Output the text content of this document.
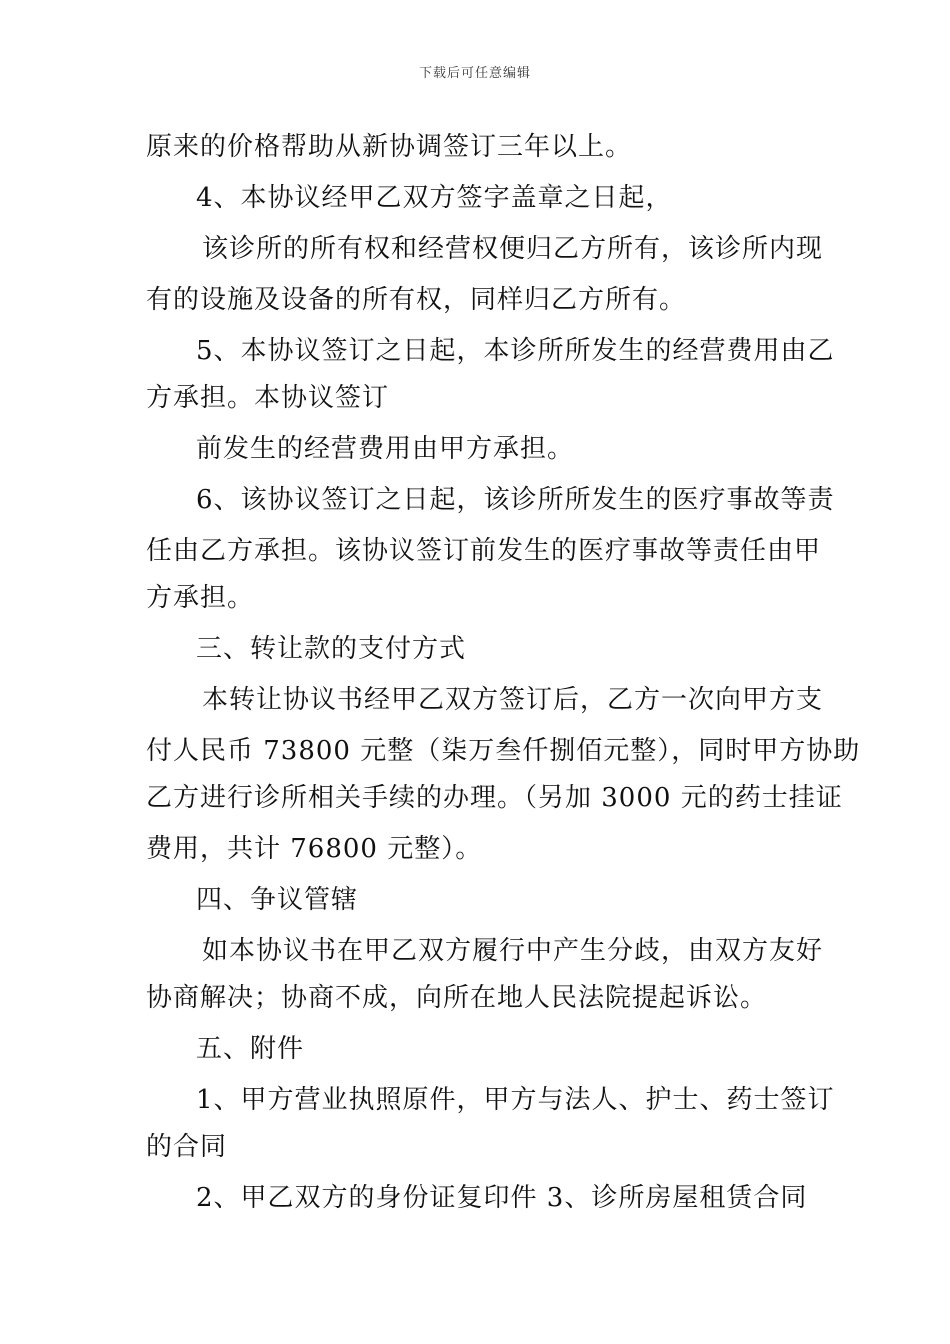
下载后可任意编辑
原来的价格帮助从新协调签订三年以上。
4、本协议经甲乙双方签字盖章之日起，
该诊所的所有权和经营权便归乙方所有，该诊所内现
有的设施及设备的所有权，同样归乙方所有。
5、本协议签订之日起，本诊所所发生的经营费用由乙
方承担。本协议签订
前发生的经营费用由甲方承担。
6、该协议签订之日起，该诊所所发生的医疗事故等责
任由乙方承担。该协议签订前发生的医疗事故等责任由甲
方承担。
三、转让款的支付方式
本转让协议书经甲乙双方签订后，乙方一次向甲方支
付人民币 73800 元整（柒万叁仟捌佰元整），同时甲方协助
乙方进行诊所相关手续的办理。（另加 3000 元的药士挂证
费用，共计 76800 元整）。
四、争议管辖
如本协议书在甲乙双方履行中产生分歧，由双方友好
协商解决；协商不成，向所在地人民法院提起诉讼。
五、附件
1、甲方营业执照原件，甲方与法人、护士、药士签订
的合同
2、甲乙双方的身份证复印件 3、诊所房屋租赁合同
